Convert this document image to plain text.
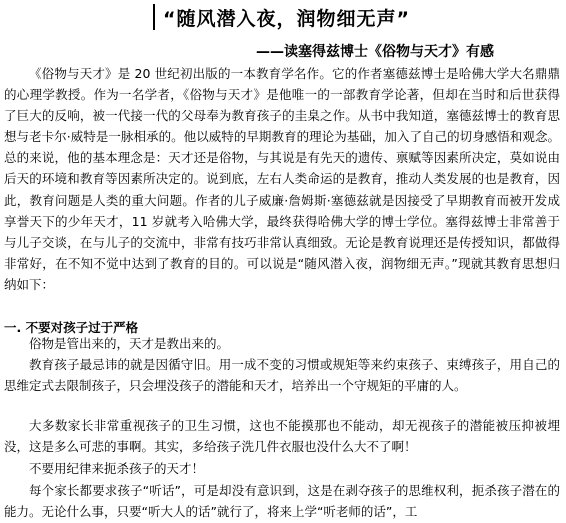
“随风潜入夜，润物细无声”
——读塞得兹博士《俗物与天才》有感

《俗物与天才》是 20 世纪初出版的一本教育学名作。它的作者塞德兹博士是哈佛大学大名鼎鼎的心理学教授。作为一名学者，《俗物与天才》是他唯一的一部教育学论著，但却在当时和后世获得了巨大的反响，被一代接一代的父母奉为教育孩子的圭臬之作。从书中我知道，塞德兹博士的教育思想与老卡尔·威特是一脉相承的。他以威特的早期教育的理论为基础，加入了自己的切身感悟和观念。总的来说，他的基本理念是：天才还是俗物，与其说是有先天的遗传、禀赋等因素所决定，莫如说由后天的环境和教育等因素所决定的。说到底，左右人类命运的是教育，推动人类发展的也是教育，因此，教育问题是人类的重大问题。作者的儿子威廉·詹姆斯·塞德兹就是因接受了早期教育而被开发成享誉天下的少年天才，11 岁就考入哈佛大学，最终获得哈佛大学的博士学位。塞得兹博士非常善于与儿子交谈，在与儿子的交流中，非常有技巧非常认真细致。无论是教育说理还是传授知识，都做得非常好，在不知不觉中达到了教育的目的。可以说是“随风潜入夜，润物细无声。”现就其教育思想归纳如下：

一. 不要对孩子过于严格

俗物是管出来的，天才是教出来的。

教育孩子最忌讳的就是因循守旧。用一成不变的习惯或规矩等来约束孩子、束缚孩子，用自己的思维定式去限制孩子，只会埋没孩子的潜能和天才，培养出一个守规矩的平庸的人。

大多数家长非常重视孩子的卫生习惯，这也不能摸那也不能动，却无视孩子的潜能被压抑被埋没，这是多么可悲的事啊。其实，多给孩子洗几件衣服也没什么大不了啊！

不要用纪律来扼杀孩子的天才！

每个家长都要求孩子“听话”，可是却没有意识到，这是在剥夺孩子的思维权利，扼杀孩子潜在的能力。无论什么事，只要“听大人的话”就行了，将来上学“听老师的话”，工
